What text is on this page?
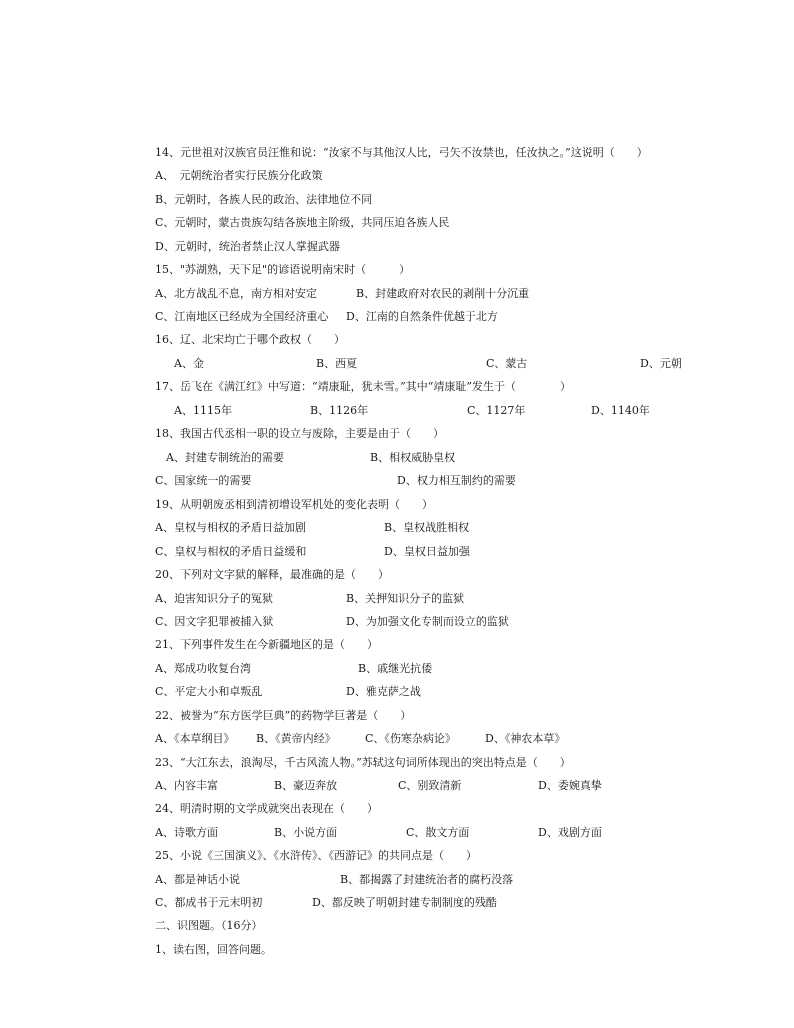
14、元世祖对汉族官员汪惟和说：“汝家不与其他汉人比，弓矢不汝禁也，任汝执之。”这说明（　　）
A、　元朝统治者实行民族分化政策
B、元朝时，各族人民的政治、法律地位不同
C、元朝时，蒙古贵族勾结各族地主阶级，共同压迫各族人民
D、元朝时，统治者禁止汉人掌握武器
15、"苏湖熟，天下足"的谚语说明南宋时（　　　）
A、北方战乱不息，南方相对安定	B、封建政府对农民的剥削十分沉重
C、江南地区已经成为全国经济重心 D、江南的自然条件优越于北方
16、辽、北宋均亡于哪个政权（　　）
A、金	B、西夏	C、蒙古	D、元朝
17、岳飞在《满江红》中写道：“靖康耻，犹未雪。”其中“靖康耻”发生于（　　　　）
A、1115年	B、1126年	C、1127年	D、1140年
18、我国古代丞相一职的设立与废除，主要是由于（　　）
A、封建专制统治的需要	B、相权威胁皇权
C、国家统一的需要	D、权力相互制约的需要
19、从明朝废丞相到清初增设军机处的变化表明（　　）
A、皇权与相权的矛盾日益加剧	B、皇权战胜相权
C、皇权与相权的矛盾日益缓和	D、皇权日益加强
20、下列对文字狱的解释，最准确的是（　　）
A、迫害知识分子的冤狱	B、关押知识分子的监狱
C、因文字犯罪被捕入狱	D、为加强文化专制而设立的监狱
21、下列事件发生在今新疆地区的是（　　）
A、郑成功收复台湾	B、戚继光抗倭
C、平定大小和卓叛乱	D、雅克萨之战
22、被誉为“东方医学巨典”的药物学巨著是（　　）
A、《本草纲目》 B、《黄帝内经》	C、《伤寒杂病论》	D、《神农本草》
23、“大江东去，浪淘尽，千古风流人物。”苏轼这句词所体现出的突出特点是（　　）
A、内容丰富	B、豪迈奔放	C、别致清新	D、委婉真挚
24、明清时期的文学成就突出表现在（　　）
A、诗歌方面	B、小说方面	C、散文方面	D、戏剧方面
25、小说《三国演义》、《水浒传》、《西游记》的共同点是（　　）
A、都是神话小说	B、都揭露了封建统治者的腐朽没落
C、都成书于元末明初	D、都反映了明朝封建专制制度的残酷
二、识图题。（16分）
1、读右图，回答问题。
